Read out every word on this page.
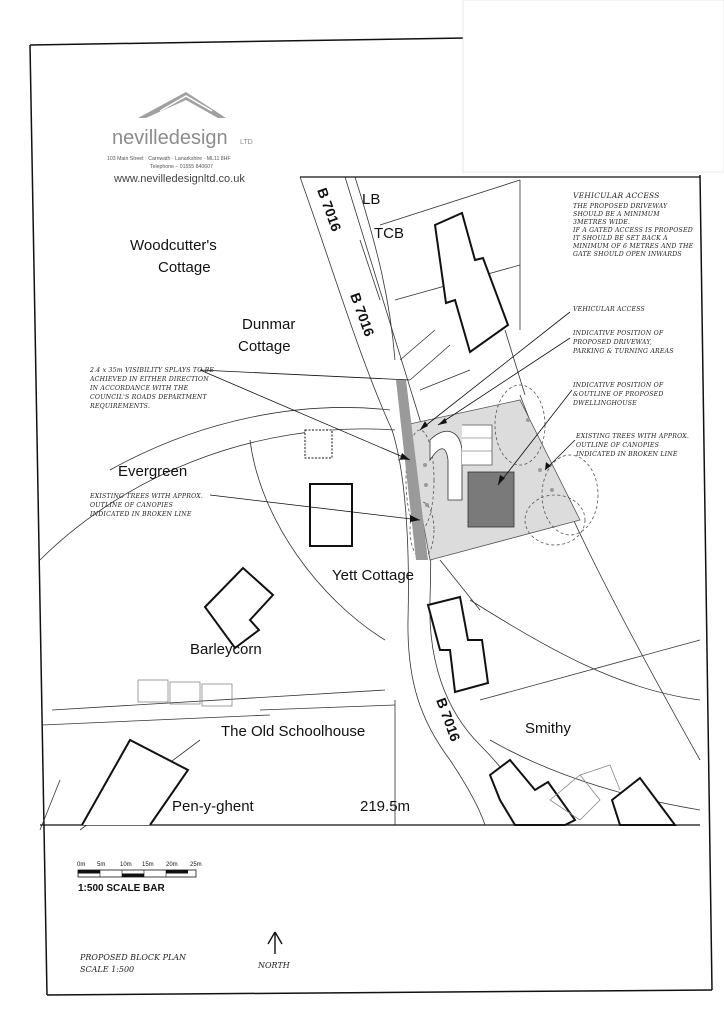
nevilledesign LTD
103 Main Street · Carnwath · Lanarkshire · ML11 8HF
Telephone – 01555 840607
www.nevilledesignltd.co.uk
B 7016
B 7016
B 7016
Woodcutter's
Cottage
Dunmar
Cottage
Evergreen
Yett Cottage
Barleycorn
The Old Schoolhouse	Smithy
Pen-y-ghent
LB
TCB
219.5m
VEHICULAR ACCESS
THE PROPOSED DRIVEWAY
SHOULD BE A MINIMUM
3METRES WIDE.
IF A GATED ACCESS IS PROPOSED
IT SHOULD BE SET BACK A
MINIMUM OF 6 METRES AND THE
GATE SHOULD OPEN INWARDS
VEHICULAR ACCESS
INDICATIVE POSITION OF
PROPOSED DRIVEWAY,
PARKING & TURNING AREAS
INDICATIVE POSITION OF
&OUTLINE OF PROPOSED
DWELLINGHOUSE
EXISTING TREES WITH APPROX.
OUTLINE OF CANOPIES
INDICATED IN BROKEN LINE
2.4 x 35m VISIBILITY SPLAYS TO BE
ACHIEVED IN EITHER DIRECTION
IN ACCORDANCE WITH THE
COUNCIL'S ROADS DEPARTMENT
REQUIREMENTS.
EXISTING TREES WITH APPROX.
OUTLINE OF CANOPIES
INDICATED IN BROKEN LINE
0m 5m 10m 15m 20m 25m
1:500 SCALE BAR
PROPOSED BLOCK PLAN
SCALE 1:500	NORTH
